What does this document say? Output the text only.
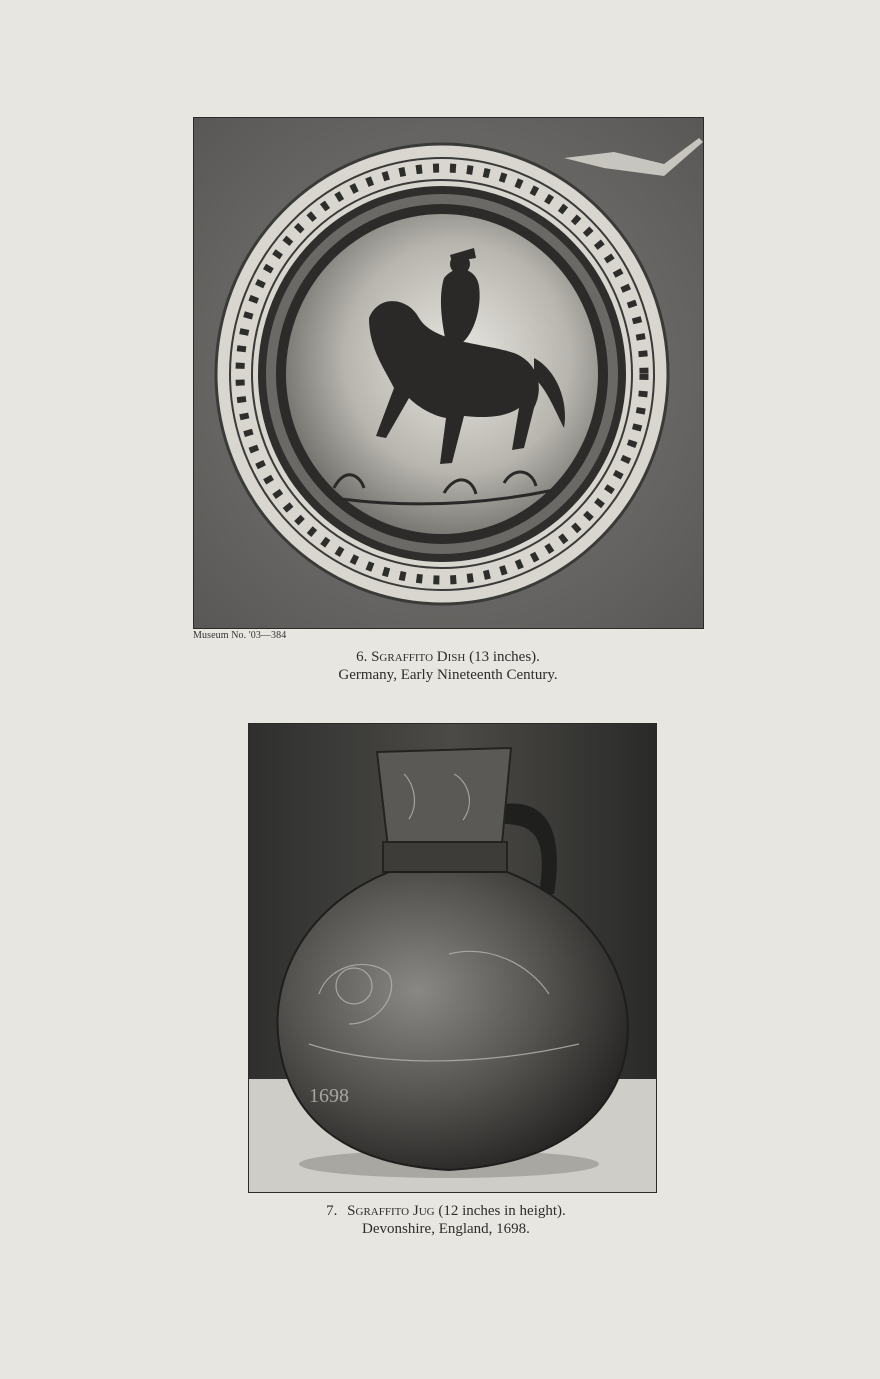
Museum No. '03—384
6. Sgraffito Dish (13 inches).
Germany, Early Nineteenth Century.
1698
7. Sgraffito Jug (12 inches in height).
Devonshire, England, 1698.
